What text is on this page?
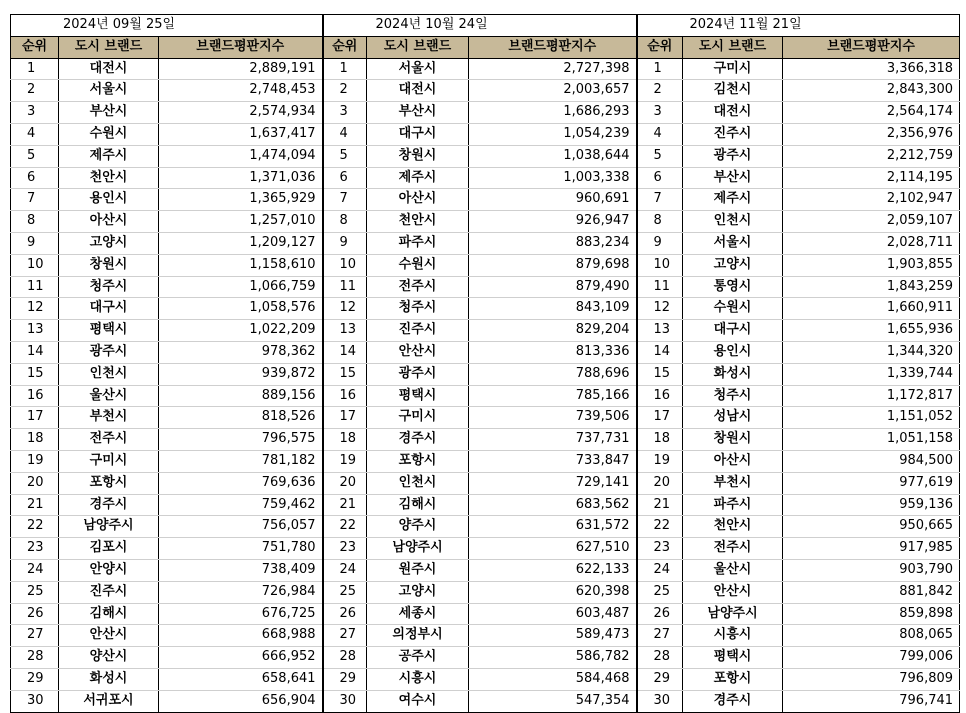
2024년 09월 25일			2024년 10월 24일			2024년 11월 21일		
순위	도시 브랜드	브랜드평판지수	순위	도시 브랜드	브랜드평판지수	순위	도시 브랜드	브랜드평판지수
1	대전시	2,889,191	1	서울시	2,727,398	1	구미시	3,366,318
2	서울시	2,748,453	2	대전시	2,003,657	2	김천시	2,843,300
3	부산시	2,574,934	3	부산시	1,686,293	3	대전시	2,564,174
4	수원시	1,637,417	4	대구시	1,054,239	4	진주시	2,356,976
5	제주시	1,474,094	5	창원시	1,038,644	5	광주시	2,212,759
6	천안시	1,371,036	6	제주시	1,003,338	6	부산시	2,114,195
7	용인시	1,365,929	7	아산시	960,691	7	제주시	2,102,947
8	아산시	1,257,010	8	천안시	926,947	8	인천시	2,059,107
9	고양시	1,209,127	9	파주시	883,234	9	서울시	2,028,711
10	창원시	1,158,610	10	수원시	879,698	10	고양시	1,903,855
11	청주시	1,066,759	11	전주시	879,490	11	통영시	1,843,259
12	대구시	1,058,576	12	청주시	843,109	12	수원시	1,660,911
13	평택시	1,022,209	13	진주시	829,204	13	대구시	1,655,936
14	광주시	978,362	14	안산시	813,336	14	용인시	1,344,320
15	인천시	939,872	15	광주시	788,696	15	화성시	1,339,744
16	울산시	889,156	16	평택시	785,166	16	청주시	1,172,817
17	부천시	818,526	17	구미시	739,506	17	성남시	1,151,052
18	전주시	796,575	18	경주시	737,731	18	창원시	1,051,158
19	구미시	781,182	19	포항시	733,847	19	아산시	984,500
20	포항시	769,636	20	인천시	729,141	20	부천시	977,619
21	경주시	759,462	21	김해시	683,562	21	파주시	959,136
22	남양주시	756,057	22	양주시	631,572	22	천안시	950,665
23	김포시	751,780	23	남양주시	627,510	23	전주시	917,985
24	안양시	738,409	24	원주시	622,133	24	울산시	903,790
25	진주시	726,984	25	고양시	620,398	25	안산시	881,842
26	김해시	676,725	26	세종시	603,487	26	남양주시	859,898
27	안산시	668,988	27	의정부시	589,473	27	시흥시	808,065
28	양산시	666,952	28	공주시	586,782	28	평택시	799,006
29	화성시	658,641	29	시흥시	584,468	29	포항시	796,809
30	서귀포시	656,904	30	여수시	547,354	30	경주시	796,741
